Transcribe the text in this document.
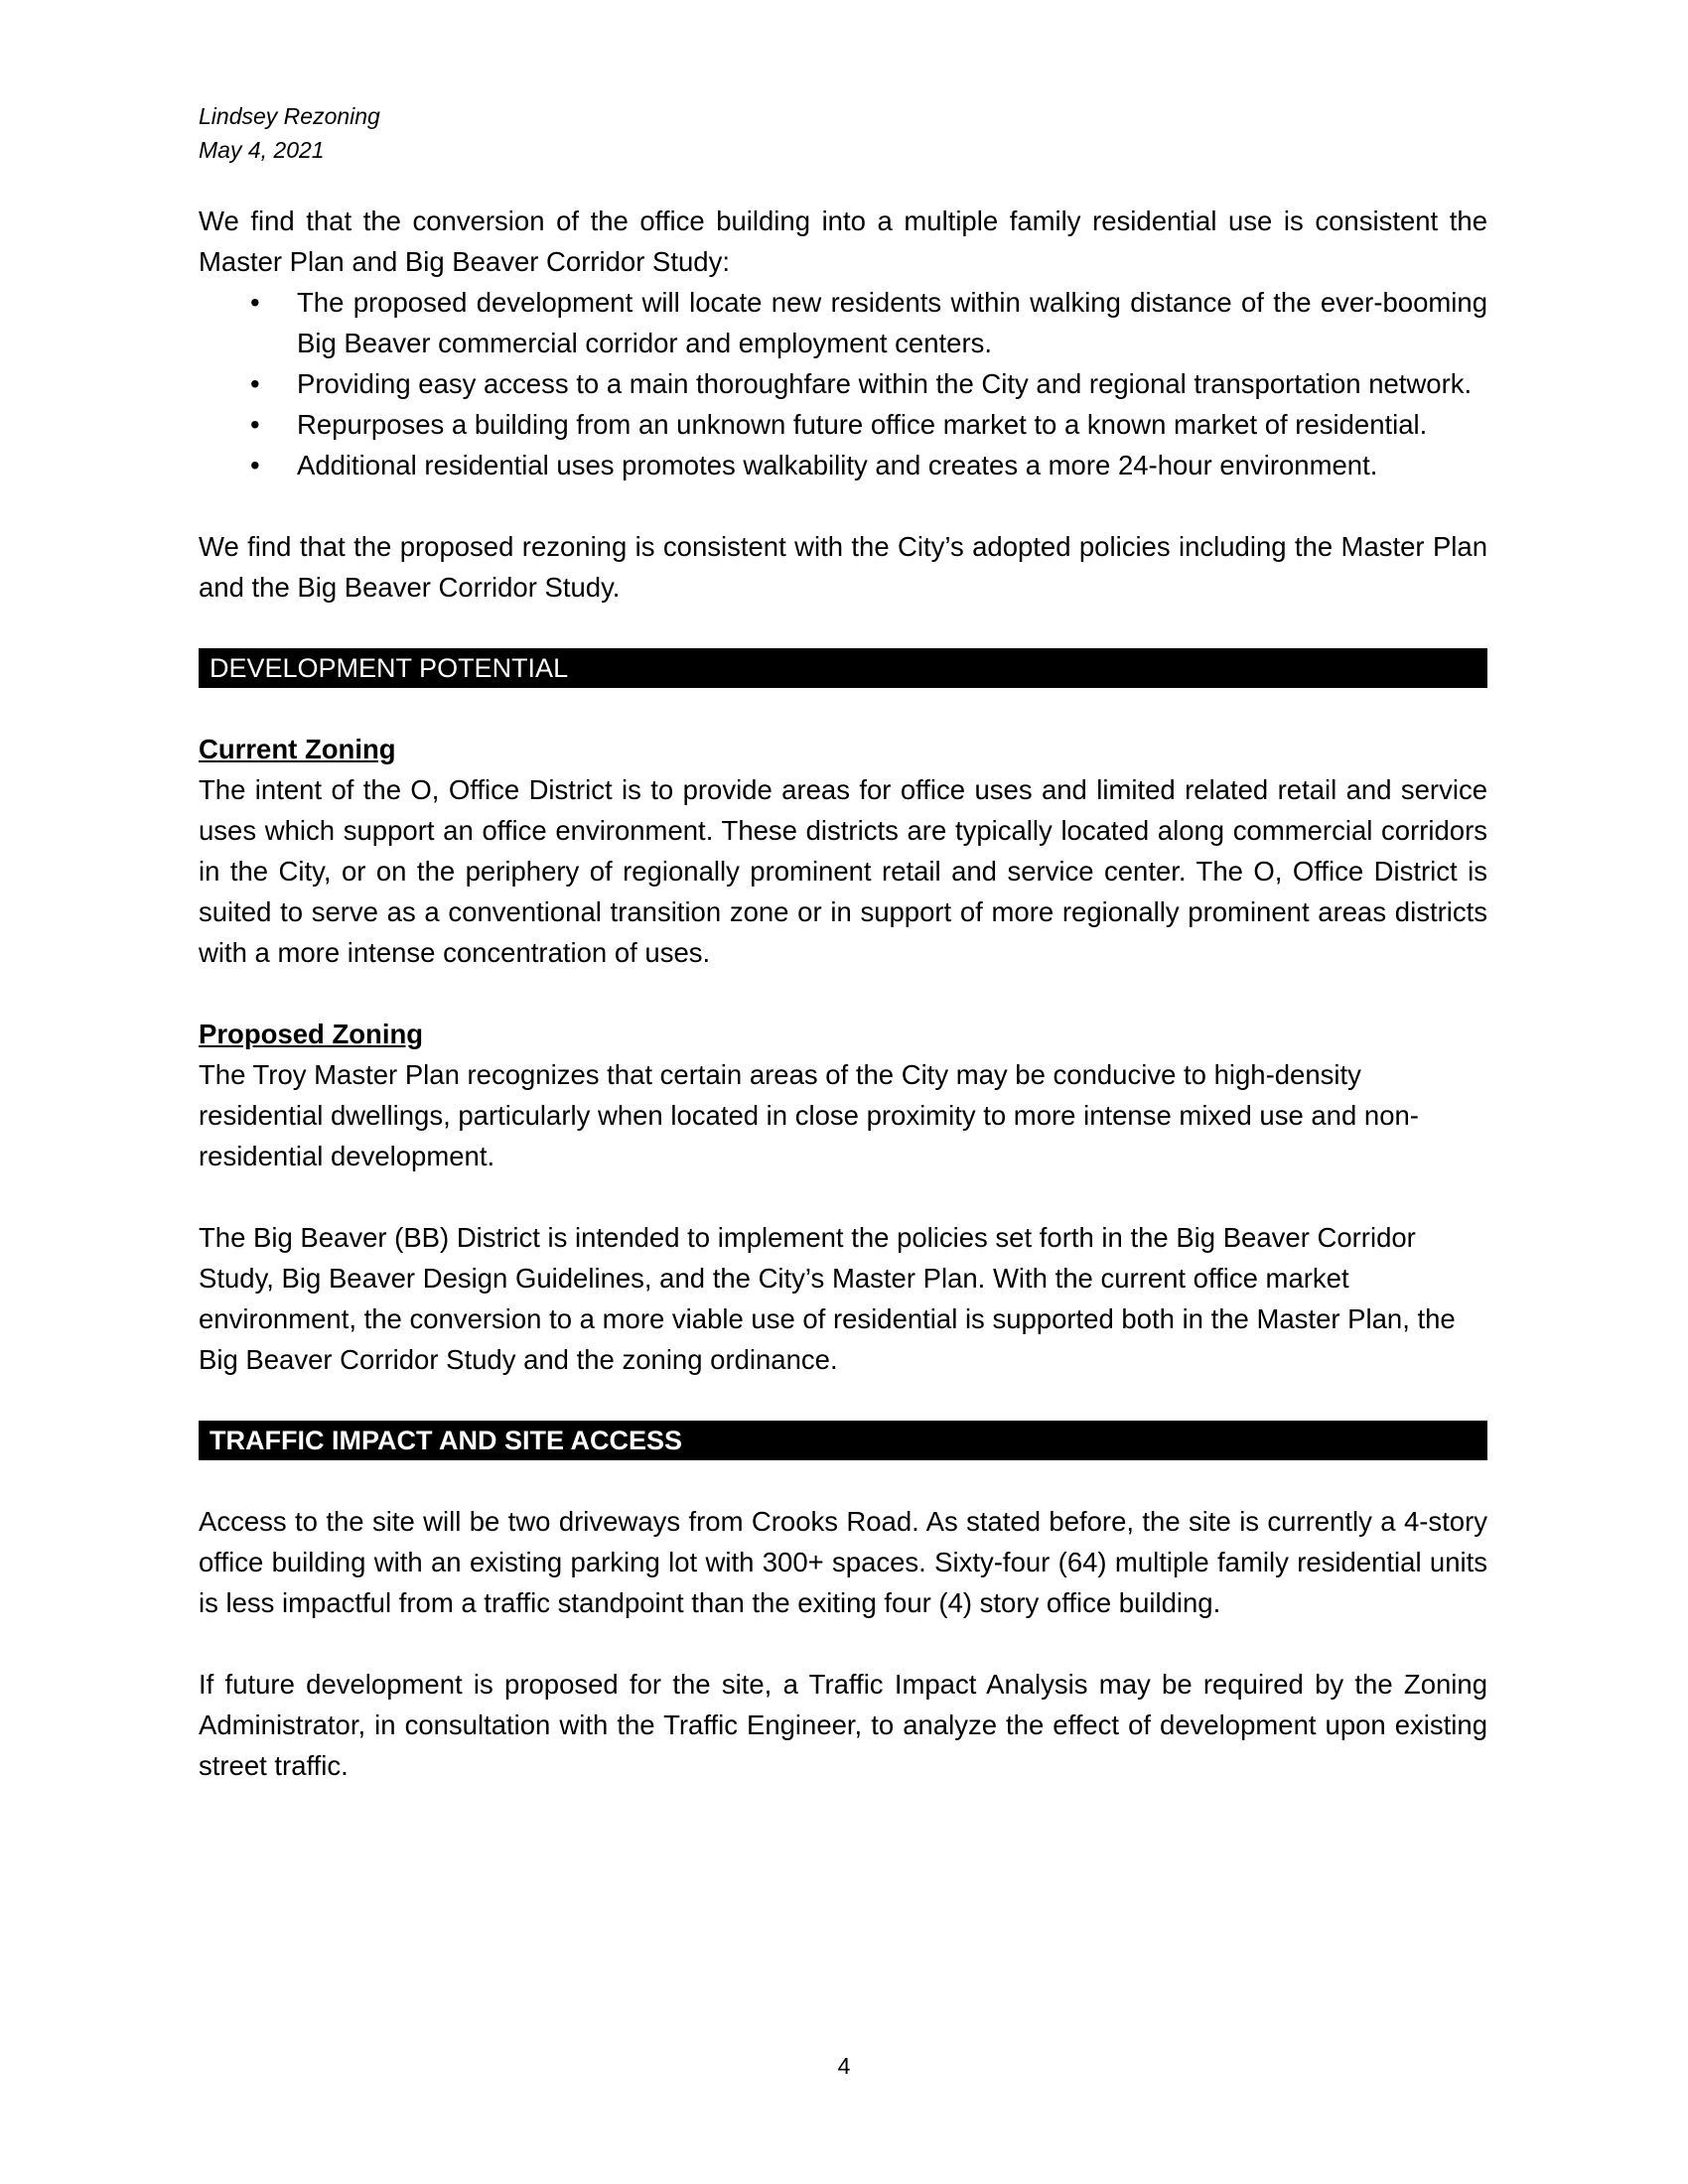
Lindsey Rezoning
May 4, 2021

We find that the conversion of the office building into a multiple family residential use is consistent the Master Plan and Big Beaver Corridor Study:

• The proposed development will locate new residents within walking distance of the ever-booming Big Beaver commercial corridor and employment centers.
• Providing easy access to a main thoroughfare within the City and regional transportation network.
• Repurposes a building from an unknown future office market to a known market of residential.
• Additional residential uses promotes walkability and creates a more 24-hour environment.

We find that the proposed rezoning is consistent with the City’s adopted policies including the Master Plan and the Big Beaver Corridor Study.

DEVELOPMENT POTENTIAL
Current Zoning

The intent of the O, Office District is to provide areas for office uses and limited related retail and service uses which support an office environment. These districts are typically located along commercial corridors in the City, or on the periphery of regionally prominent retail and service center. The O, Office District is suited to serve as a conventional transition zone or in support of more regionally prominent areas districts with a more intense concentration of uses.

Proposed Zoning

The Troy Master Plan recognizes that certain areas of the City may be conducive to high-density residential dwellings, particularly when located in close proximity to more intense mixed use and non-residential development.

The Big Beaver (BB) District is intended to implement the policies set forth in the Big Beaver Corridor Study, Big Beaver Design Guidelines, and the City’s Master Plan. With the current office market environment, the conversion to a more viable use of residential is supported both in the Master Plan, the Big Beaver Corridor Study and the zoning ordinance.

TRAFFIC IMPACT AND SITE ACCESS

Access to the site will be two driveways from Crooks Road. As stated before, the site is currently a 4-story office building with an existing parking lot with 300+ spaces. Sixty-four (64) multiple family residential units is less impactful from a traffic standpoint than the exiting four (4) story office building.

If future development is proposed for the site, a Traffic Impact Analysis may be required by the Zoning Administrator, in consultation with the Traffic Engineer, to analyze the effect of development upon existing street traffic.

4
